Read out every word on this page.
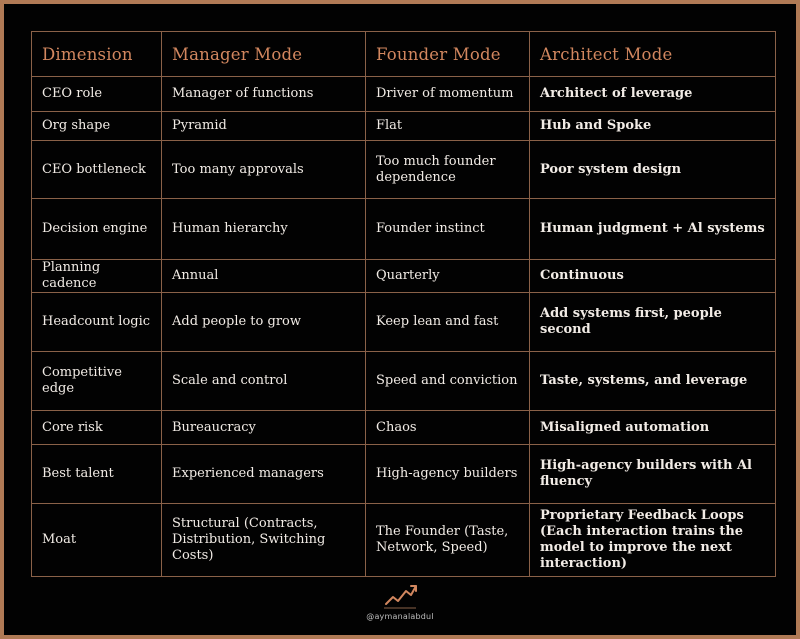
Dimension	Manager Mode	Founder Mode	Architect Mode
CEO role	Manager of functions	Driver of momentum	Architect of leverage
Org shape	Pyramid	Flat	Hub and Spoke
CEO bottleneck	Too many approvals	Too much founder dependence	Poor system design
Decision engine	Human hierarchy	Founder instinct	Human judgment + Al systems
Planning cadence	Annual	Quarterly	Continuous
Headcount logic	Add people to grow	Keep lean and fast	Add systems first, people second
Competitive edge	Scale and control	Speed and conviction	Taste, systems, and leverage
Core risk	Bureaucracy	Chaos	Misaligned automation
Best talent	Experienced managers	High-agency builders	High-agency builders with Al fluency
Moat	Structural (Contracts, Distribution, Switching Costs)	The Founder (Taste, Network, Speed)	Proprietary Feedback Loops (Each interaction trains the model to improve the next interaction)
@aymanalabdul
